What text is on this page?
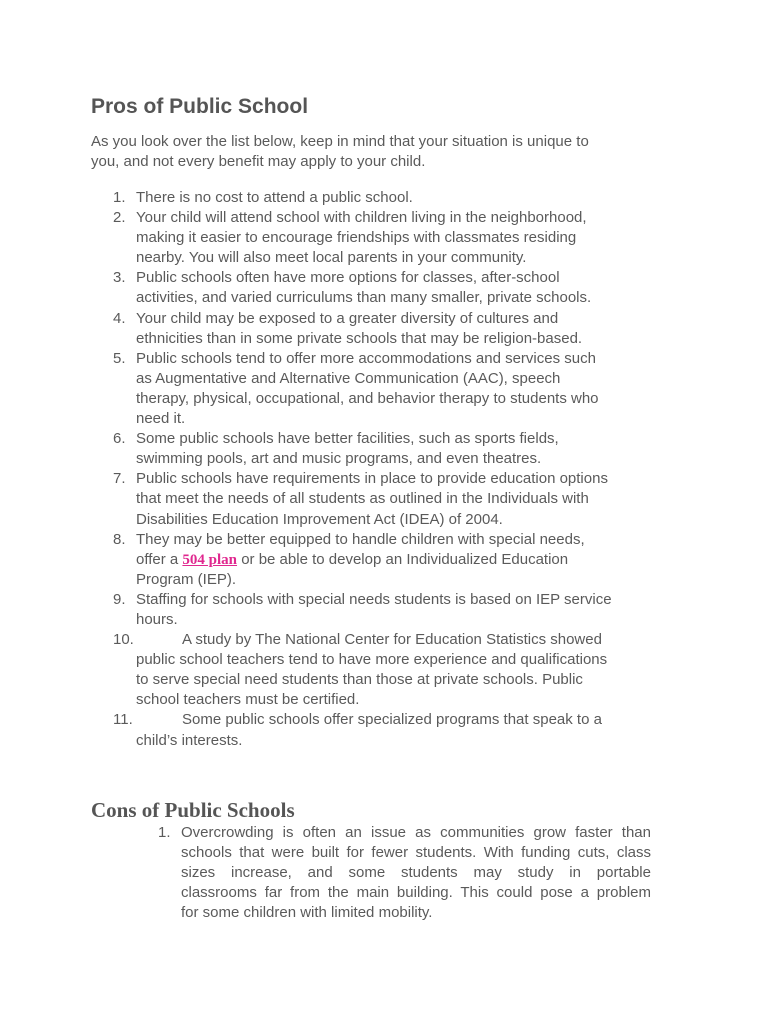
Pros of Public School

As you look over the list below, keep in mind that your situation is unique to
you, and not every benefit may apply to your child.

1. There is no cost to attend a public school.
2. Your child will attend school with children living in the neighborhood,
making it easier to encourage friendships with classmates residing
nearby. You will also meet local parents in your community.
3. Public schools often have more options for classes, after-school
activities, and varied curriculums than many smaller, private schools.
4. Your child may be exposed to a greater diversity of cultures and
ethnicities than in some private schools that may be religion-based.
5. Public schools tend to offer more accommodations and services such
as Augmentative and Alternative Communication (AAC), speech
therapy, physical, occupational, and behavior therapy to students who
need it.
6. Some public schools have better facilities, such as sports fields,
swimming pools, art and music programs, and even theatres.
7. Public schools have requirements in place to provide education options
that meet the needs of all students as outlined in the Individuals with
Disabilities Education Improvement Act (IDEA) of 2004.
8. They may be better equipped to handle children with special needs,
offer a 504 plan or be able to develop an Individualized Education
Program (IEP).
9. Staffing for schools with special needs students is based on IEP service
hours.
10.	A study by The National Center for Education Statistics showed
public school teachers tend to have more experience and qualifications
to serve special need students than those at private schools. Public
school teachers must be certified.
11.	Some public schools offer specialized programs that speak to a
child’s interests.
Cons of Public Schools
1. Overcrowding is often an issue as communities grow faster than
schools that were built for fewer students. With funding cuts, class
sizes increase, and some students may study in portable
classrooms far from the main building. This could pose a problem
for some children with limited mobility.
